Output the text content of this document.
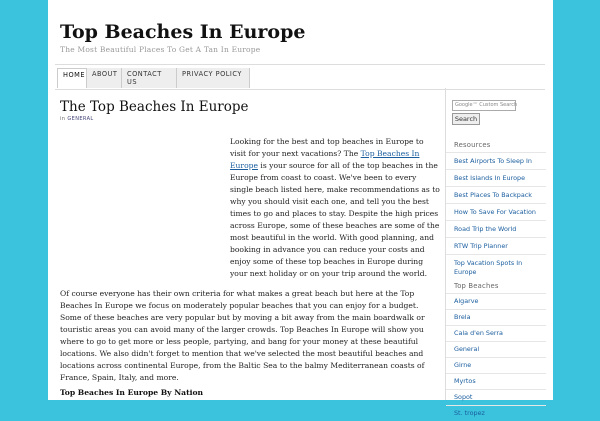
Top Beaches In Europe
The Most Beautiful Places To Get A Tan In Europe
HOME	ABOUT	CONTACT US
PRIVACY POLICY
The Top Beaches In Europe
in GENERAL
Looking for the best and top beaches in Europe to visit for your next vacations? The Top Beaches In Europe is your source for all of the top beaches in the Europe from coast to coast. We've been to every single beach listed here, make recommendations as to why you should visit each one, and tell you the best times to go and places to stay. Despite the high prices across Europe, some of these beaches are some of the most beautiful in the world. With good planning, and booking in advance you can reduce your costs and enjoy some of these top beaches in Europe during your next holiday or on your trip around the world.
Of course everyone has their own criteria for what makes a great beach but here at the Top Beaches In Europe we focus on moderately popular beaches that you can enjoy for a budget. Some of these beaches are very popular but by moving a bit away from the main boardwalk or touristic areas you can avoid many of the larger crowds. Top Beaches In Europe will show you where to go to get more or less people, partying, and bang for your money at these beautiful locations. We also didn't forget to mention that we've selected the most beautiful beaches and locations across continental Europe, from the Baltic Sea to the balmy Mediterranean coasts of France, Spain, Italy, and more.
Top Beaches In Europe By Nation
Google™ Custom Search
Search
Resources
Best Airports To Sleep In
Best Islands In Europe
Best Places To Backpack
How To Save For Vacation
Road Trip the World
RTW Trip Planner
Top Vacation Spots In Europe
Top Beaches
Algarve
Brela
Cala d'en Serra
General
Girne
Myrtos
Sopot
St. tropez
